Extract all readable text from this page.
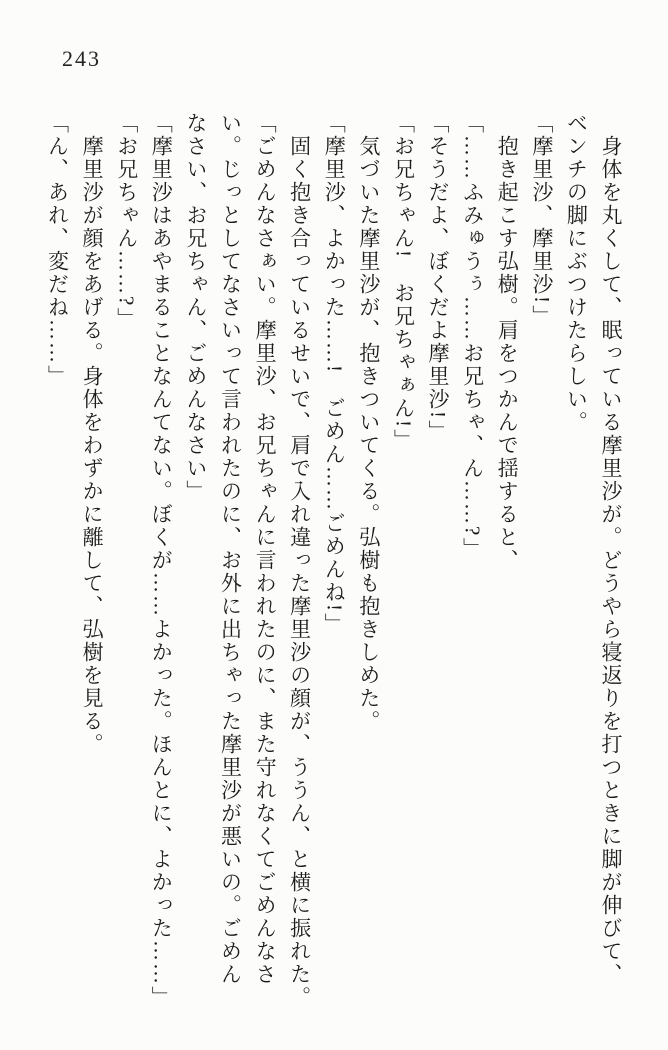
243
身体を丸くして、眠っている摩里沙が。どうやら寝返りを打つときに脚が伸びて、
ベンチの脚にぶつけたらしい。
「摩里沙、摩里沙!」
抱き起こす弘樹。肩をつかんで揺すると、
「……ふみゅうぅ……お兄ちゃ、ん……?」
「そうだよ、ぼくだよ摩里沙!」
「お兄ちゃん!　お兄ちゃぁん!」
気づいた摩里沙が、抱きついてくる。弘樹も抱きしめた。
「摩里沙、よかった……!　ごめん……ごめんね!」
固く抱き合っているせいで、肩で入れ違った摩里沙の顔が、ううん、と横に振れた。
「ごめんなさぁい。摩里沙、お兄ちゃんに言われたのに、また守れなくてごめんなさ
い。じっとしてなさいって言われたのに、お外に出ちゃった摩里沙が悪いの。ごめん
なさい、お兄ちゃん、ごめんなさい」
「摩里沙はあやまることなんてない。ぼくが……よかった。ほんとに、よかった……」
「お兄ちゃん……?」
摩里沙が顔をあげる。身体をわずかに離して、弘樹を見る。
「ん、あれ、変だね……」
